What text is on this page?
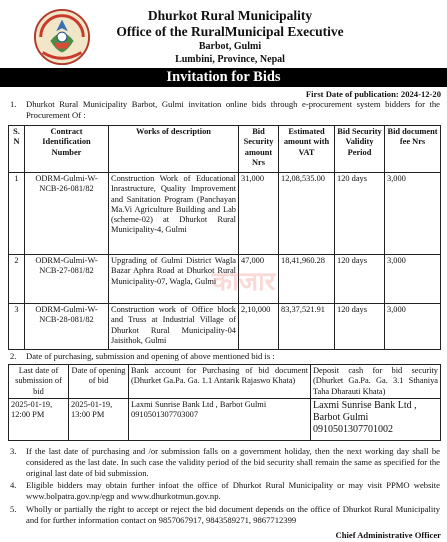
Dhurkot Rural Municipality
Office of the RuralMunicipal Executive
Barbot, Gulmi
Lumbini, Province, Nepal
Invitation for Bids
First Date of publication: 2024-12-20
1. Dhurkot Rural Municipality Barbot, Gulmi invitation online bids through e-procurement system bidders for the Procurement Of :
S. N	Contract Identification Number	Works of description	Bid Security amount Nrs	Estimated amount with VAT	Bid Security Validity Period	Bid document fee Nrs
1	ODRM-Gulmi-W-NCB-26-081/82	Construction Work of Educational Inrastructure, Quality Improvement and Sanitation Program (Panchayan Ma.Vi Agriculture Building and Lab (scheme-02) at Dhurkot Rural Municipality-4, Gulmi	31,000	12,08,535.00	120 days	3,000
2	ODRM-Gulmi-W-NCB-27-081/82	Upgrading of Gulmi District Wagla Bazar Aphra Road at Dhurkot Rural Municipality-07, Wagla, Gulmi	47,000	18,41,960.28	120 days	3,000
3	ODRM-Gulmi-W-NCB-28-081/82	Construction work of Office block and Truss at Industrial Village of Dhurkot Rural Municipality-04 Jaisithok, Gulmi	2,10,000	83,37,521.91	120 days	3,000
काजार
2. Date of purchasing, submission and opening of above mentioned bid is :
Last date of submission of bid	Date of opening of bid	Bank account for Purchasing of bid document (Dhurket Ga.Pa. Ga. 1.1 Antarik Rajaswo Khata)	Deposit cash for bid security (Dhurket Ga.Pa. Ga. 3.1 Sthaniya Taha Dharauti Khata)
2025-01-19, 12:00 PM	2025-01-19, 13:00 PM	Laxmi Sunrise Bank Ltd , Barbot Gulmi 0910501307703007	Laxmi Sunrise Bank Ltd , Barbot Gulmi 0910501307701002
3. If the last date of purchasing and /or submission falls on a government holiday, then the next working day shall be considered as the last date. In such case the validity period of the bid security shall remain the same as specified for the original last date of bid submission.
4. Eligible bidders may obtain further infoat the office of Dhurkot Rural Municipality or may visit PPMO website www.bolpatra.gov.np/egp and www.dhurkotmun.gov.np.
5. Wholly or partially the right to accept or reject the bid document depends on the office of Dhurkot Rural Municipality and for further information contact on 9857067917, 9843589271, 9867712399
Chief Administrative Officer
